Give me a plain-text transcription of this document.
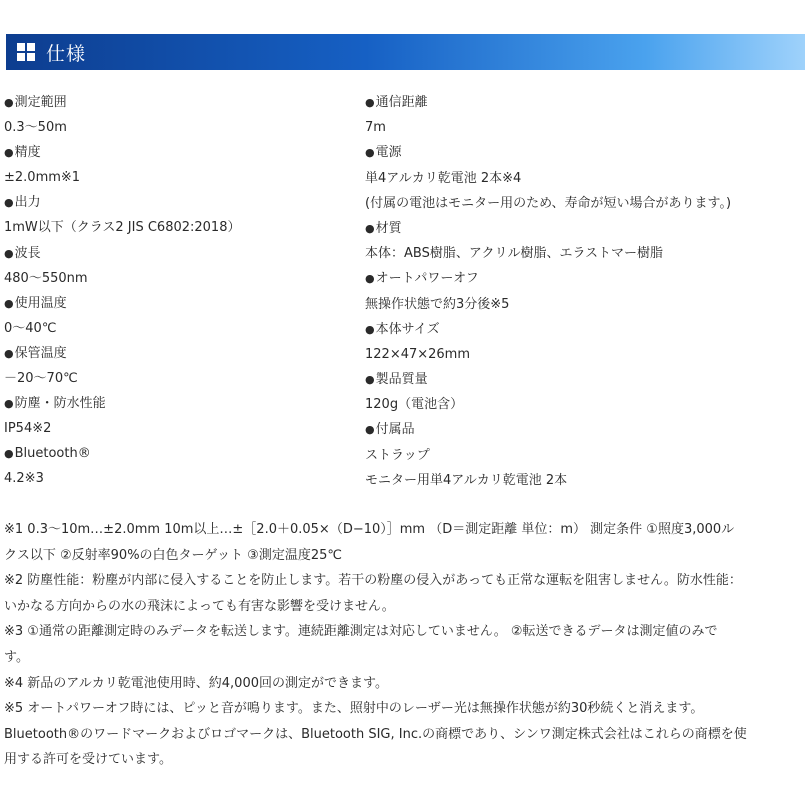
仕様
● 測定範囲
0.3〜50m
● 精度
±2.0mm※1
● 出力
1mW以下（クラス2 JIS C6802:2018）
● 波長
480〜550nm
● 使用温度
0〜40℃
● 保管温度
－20〜70℃
● 防塵・防水性能
IP54※2
● Bluetooth®
4.2※3
● 通信距離
7m
● 電源
単4アルカリ乾電池 2本※4
(付属の電池はモニター用のため、寿命が短い場合があります。)
● 材質
本体：ABS樹脂、アクリル樹脂、エラストマー樹脂
● オートパワーオフ
無操作状態で約3分後※5
● 本体サイズ
122×47×26mm
● 製品質量
120g（電池含）
● 付属品
ストラップ
モニター用単4アルカリ乾電池 2本
※1 0.3〜10m…±2.0mm 10m以上…±［2.0＋0.05×（D−10）］mm （D＝測定距離 単位：m） 測定条件 ①照度3,000ル
クス以下 ②反射率90%の白色ターゲット ③測定温度25℃
※2 防塵性能：粉塵が内部に侵入することを防止します。若干の粉塵の侵入があっても正常な運転を阻害しません。防水性能：
いかなる方向からの水の飛沫によっても有害な影響を受けません。
※3 ①通常の距離測定時のみデータを転送します。連続距離測定は対応していません。 ②転送できるデータは測定値のみで
す。
※4 新品のアルカリ乾電池使用時、約4,000回の測定ができます。
※5 オートパワーオフ時には、ピッと音が鳴ります。また、照射中のレーザー光は無操作状態が約30秒続くと消えます。
Bluetooth®のワードマークおよびロゴマークは、Bluetooth SIG, Inc.の商標であり、シンワ測定株式会社はこれらの商標を使
用する許可を受けています。
